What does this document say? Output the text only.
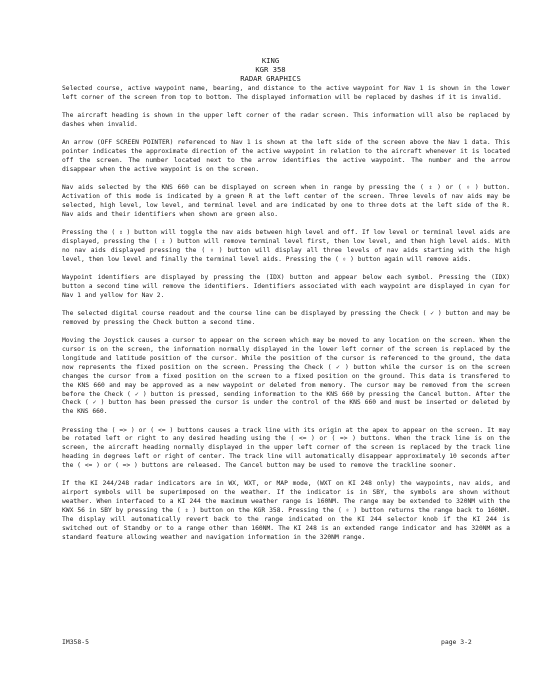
KING
KGR 358
RADAR GRAPHICS

Selected course, active waypoint name, bearing, and distance to the active waypoint for Nav 1 is shown in the lower left corner of the screen from top to bottom. The displayed information will be replaced by dashes if it is invalid.

The aircraft heading is shown in the upper left corner of the radar screen. This information will also be replaced by dashes when invalid.

An arrow (OFF SCREEN POINTER) referenced to Nav 1 is shown at the left side of the screen above the Nav 1 data. This pointer indicates the approximate direction of the active waypoint in relation to the aircraft whenever it is located off the screen. The number located next to the arrow identifies the active waypoint. The number and the arrow disappear when the active waypoint is on the screen.

Nav aids selected by the KNS 660 can be displayed on screen when in range by pressing the ( ⇕ ) or ( ⇳ ) button. Activation of this mode is indicated by a green R at the left center of the screen. Three levels of nav aids may be selected, high level, low level, and terminal level and are indicated by one to three dots at the left side of the R. Nav aids and their identifiers when shown are green also.

Pressing the ( ⇕ ) button will toggle the nav aids between high level and off. If low level or terminal level aids are displayed, pressing the ( ⇕ ) button will remove terminal level first, then low level, and then high level aids. With no nav aids displayed pressing the ( ⇳ ) button will display all three levels of nav aids starting with the high level, then low level and finally the terminal level aids. Pressing the ( ⇳ ) button again will remove aids.

Waypoint identifiers are displayed by pressing the (IDX) button and appear below each symbol. Pressing the (IDX) button a second time will remove the identifiers. Identifiers associated with each waypoint are displayed in cyan for Nav 1 and yellow for Nav 2.

The selected digital course readout and the course line can be displayed by pressing the Check ( ✓ ) button and may be removed by pressing the Check button a second time.

Moving the Joystick causes a cursor to appear on the screen which may be moved to any location on the screen. When the cursor is on the screen, the information normally displayed in the lower left corner of the screen is replaced by the longitude and latitude position of the cursor. While the position of the cursor is referenced to the ground, the data now represents the fixed position on the screen. Pressing the Check ( ✓ ) button while the cursor is on the screen changes the cursor from a fixed position on the screen to a fixed position on the ground. This data is transfered to the KNS 660 and may be approved as a new waypoint or deleted from memory. The cursor may be removed from the screen before the Check ( ✓ ) button is pressed, sending information to the KNS 660 by pressing the Cancel button. After the Check ( ✓ ) button has been pressed the cursor is under the control of the KNS 660 and must be inserted or deleted by the KNS 660.

Pressing the ( => ) or ( <= ) buttons causes a track line with its origin at the apex to appear on the screen. It may be rotated left or right to any desired heading using the ( <= ) or ( => ) buttons. When the track line is on the screen, the aircraft heading normally displayed in the upper left corner of the screen is replaced by the track line heading in degrees left or right of center. The track line will automatically disappear approximately 10 seconds after the ( <= ) or ( => ) buttons are released. The Cancel button may be used to remove the trackline sooner.

If the KI 244/248 radar indicators are in WX, WXT, or MAP mode, (WXT on KI 248 only) the waypoints, nav aids, and airport symbols will be superimposed on the weather. If the indicator is in SBY, the symbols are shown without weather. When interfaced to a KI 244 the maximum weather range is 160NM. The range may be extended to 320NM with the KWX 56 in SBY by pressing the ( ⇕ ) button on the KGR 358. Pressing the ( ⇳ ) button returns the range back to 160NM. The display will automatically revert back to the range indicated on the KI 244 selector knob if the KI 244 is switched out of Standby or to a range other than 160NM. The KI 248 is an extended range indicator and has 320NM as a standard feature allowing weather and navigation information in the 320NM range.

IM358-5	page 3-2
